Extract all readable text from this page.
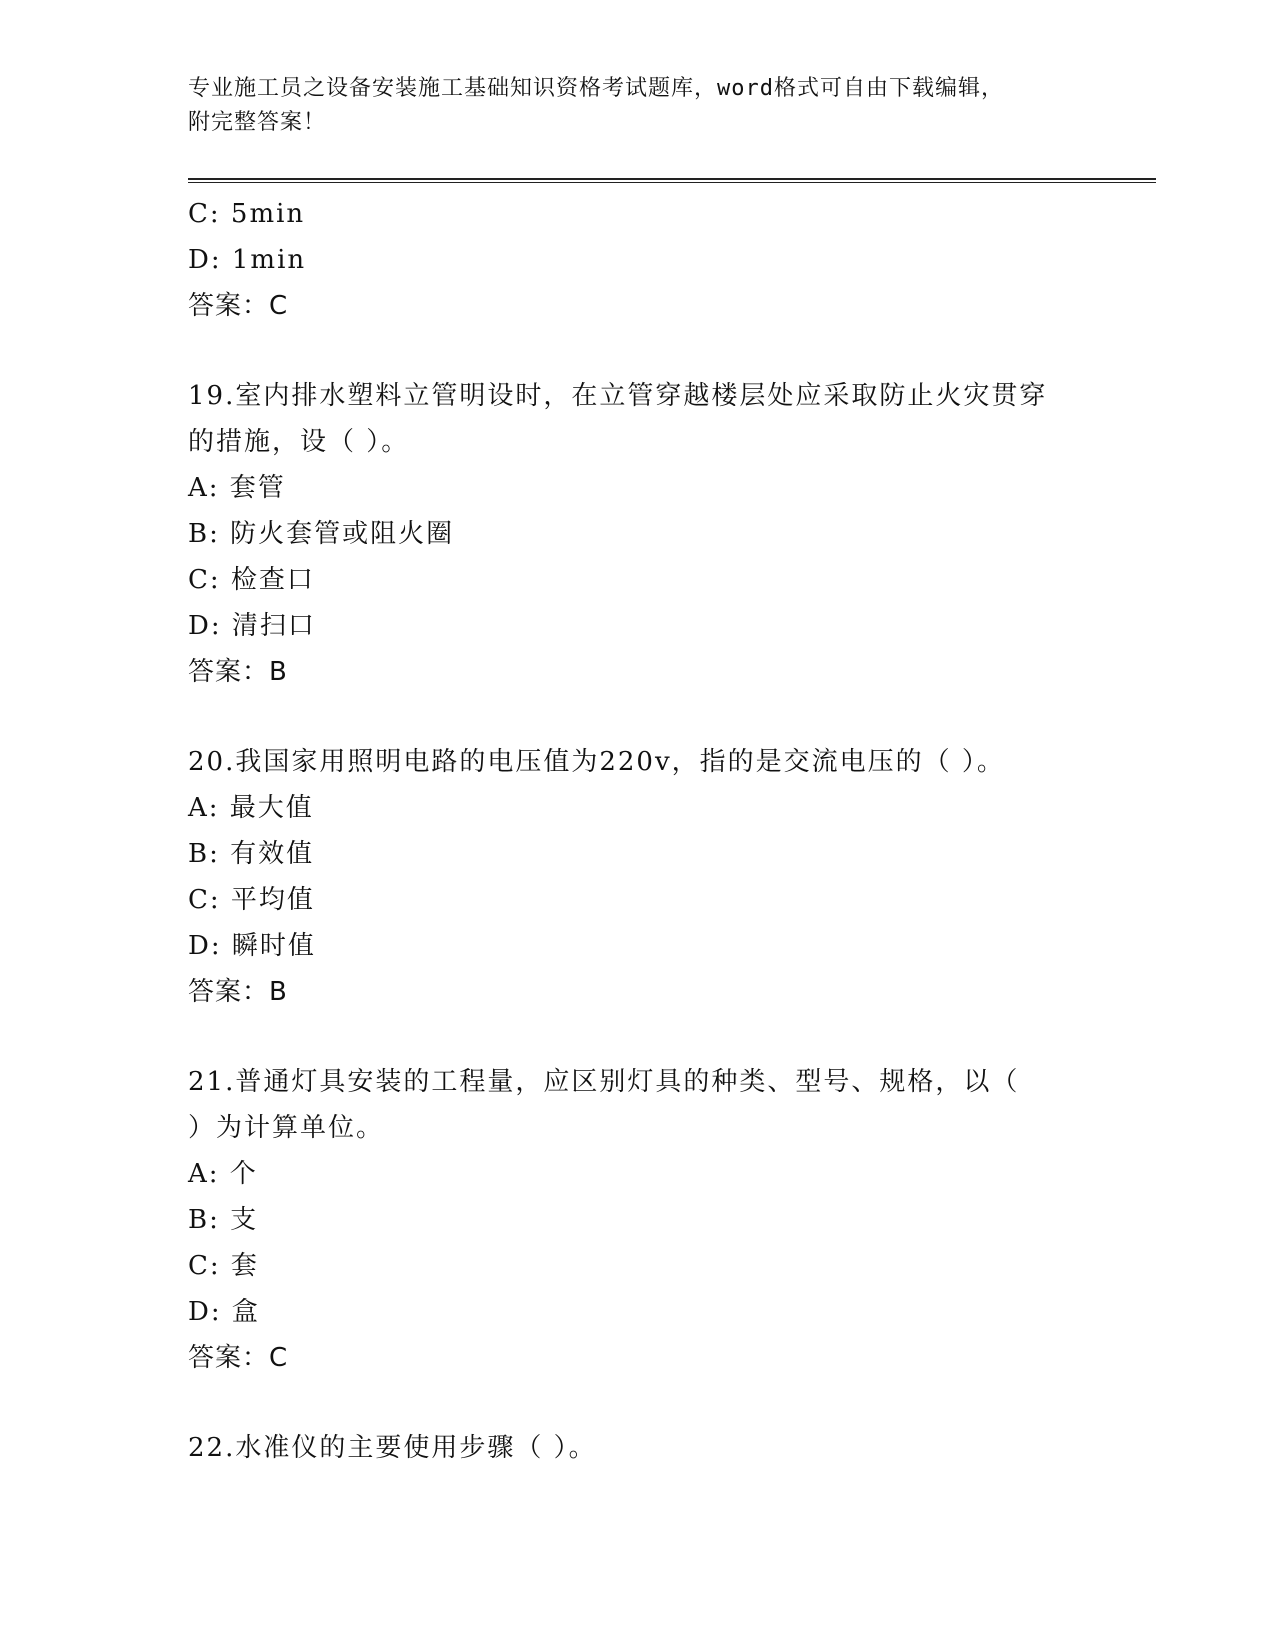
专业施工员之设备安装施工基础知识资格考试题库，word格式可自由下载编辑，
附完整答案！
C: 5min
D: 1min
答案：C
19.室内排水塑料立管明设时，在立管穿越楼层处应采取防止火灾贯穿
的措施，设（ ）。
A: 套管
B: 防火套管或阻火圈
C: 检查口
D: 清扫口
答案：B
20.我国家用照明电路的电压值为220v，指的是交流电压的（ ）。
A: 最大值
B: 有效值
C: 平均值
D: 瞬时值
答案：B
21.普通灯具安装的工程量，应区别灯具的种类、型号、规格，以（
）为计算单位。
A: 个
B: 支
C: 套
D: 盒
答案：C
22.水准仪的主要使用步骤（ ）。
